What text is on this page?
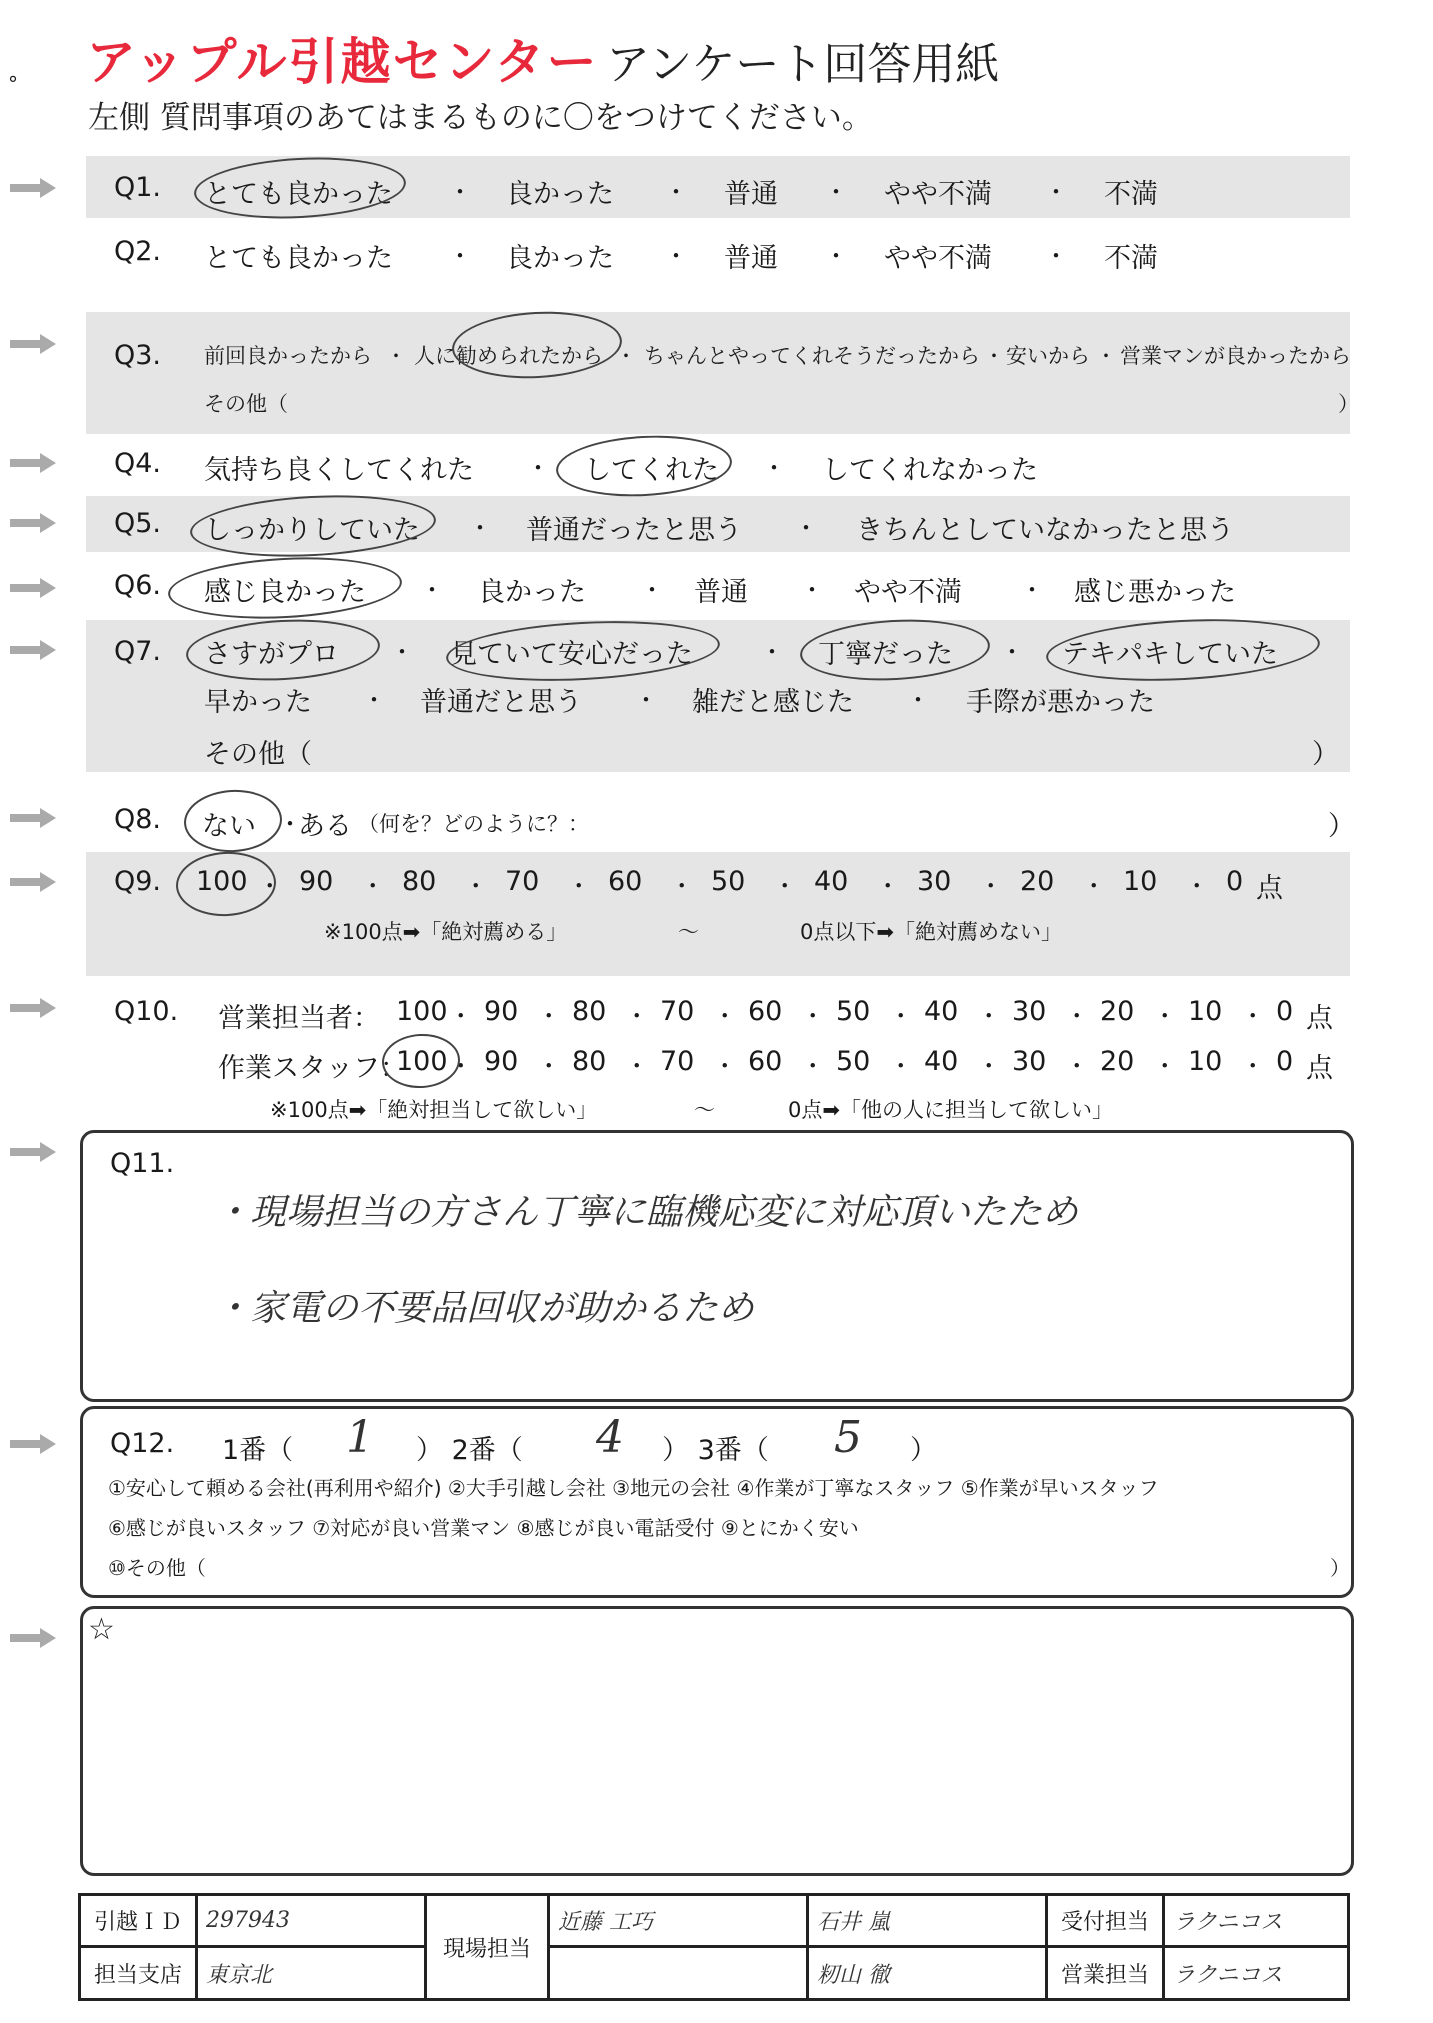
アップル引越センター アンケート回答用紙
左側 質問事項のあてはまるものに〇をつけてください。
°
Q1. とても良かった ・ 良かった ・ 普通 ・ やや不満 ・ 不満
Q2. とても良かった ・ 良かった ・ 普通 ・ やや不満 ・ 不満
Q3. 前回良かったから ・ 人に勧められたから ・ ちゃんとやってくれそうだったから ・ 安いから ・ 営業マンが良かったから
その他（	）
Q4. 気持ち良くしてくれた ・ してくれた ・ してくれなかった
Q5. しっかりしていた ・ 普通だったと思う ・ きちんとしていなかったと思う
Q6. 感じ良かった ・ 良かった ・ 普通 ・ やや不満 ・ 感じ悪かった
Q7. さすがプロ ・ 見ていて安心だった	・ 丁寧だった ・ テキパキしていた
早かった ・ 普通だと思う ・ 雑だと感じた ・ 手際が悪かった
その他（	）
Q8. ない ・
ある （何を？どのように？：	）
Q9. 100 ・ 90 ・ 80 ・ 70 ・ 60 ・ 50 ・ 40 ・ 30 ・ 20 ・ 10 ・ 0 点
※100点➡「絶対薦める」	〜	0点以下➡「絶対薦めない」
Q10. 営業担当者： 100 ・ 90 ・ 80 ・ 70 ・ 60 ・ 50 ・ 40 ・ 30 ・ 20 ・ 10 ・ 0 点
作業スタッフ：
100 ・ 90 ・ 80 ・ 70 ・ 60 ・ 50 ・ 40 ・ 30 ・ 20 ・ 10 ・ 0 点
※100点➡「絶対担当して欲しい」	〜	0点➡「他の人に担当して欲しい」
Q11.
・現場担当の方さん丁寧に臨機応変に対応頂いたため
・家電の不要品回収が助かるため
Q12. 1番（ 1 ） 2番（ 4 ） 3番（ 5 ）
①安心して頼める会社(再利用や紹介) ②大手引越し会社 ③地元の会社 ④作業が丁寧なスタッフ ⑤作業が早いスタッフ
⑥感じが良いスタッフ ⑦対応が良い営業マン ⑧感じが良い電話受付 ⑨とにかく安い
⑩その他（	）
☆
引越ＩＤ	297943	現場担当	近藤 工巧	石井 嵐	受付担当	ラクニコス
担当支店	東京北			籾山 徹	営業担当	ラクニコス
